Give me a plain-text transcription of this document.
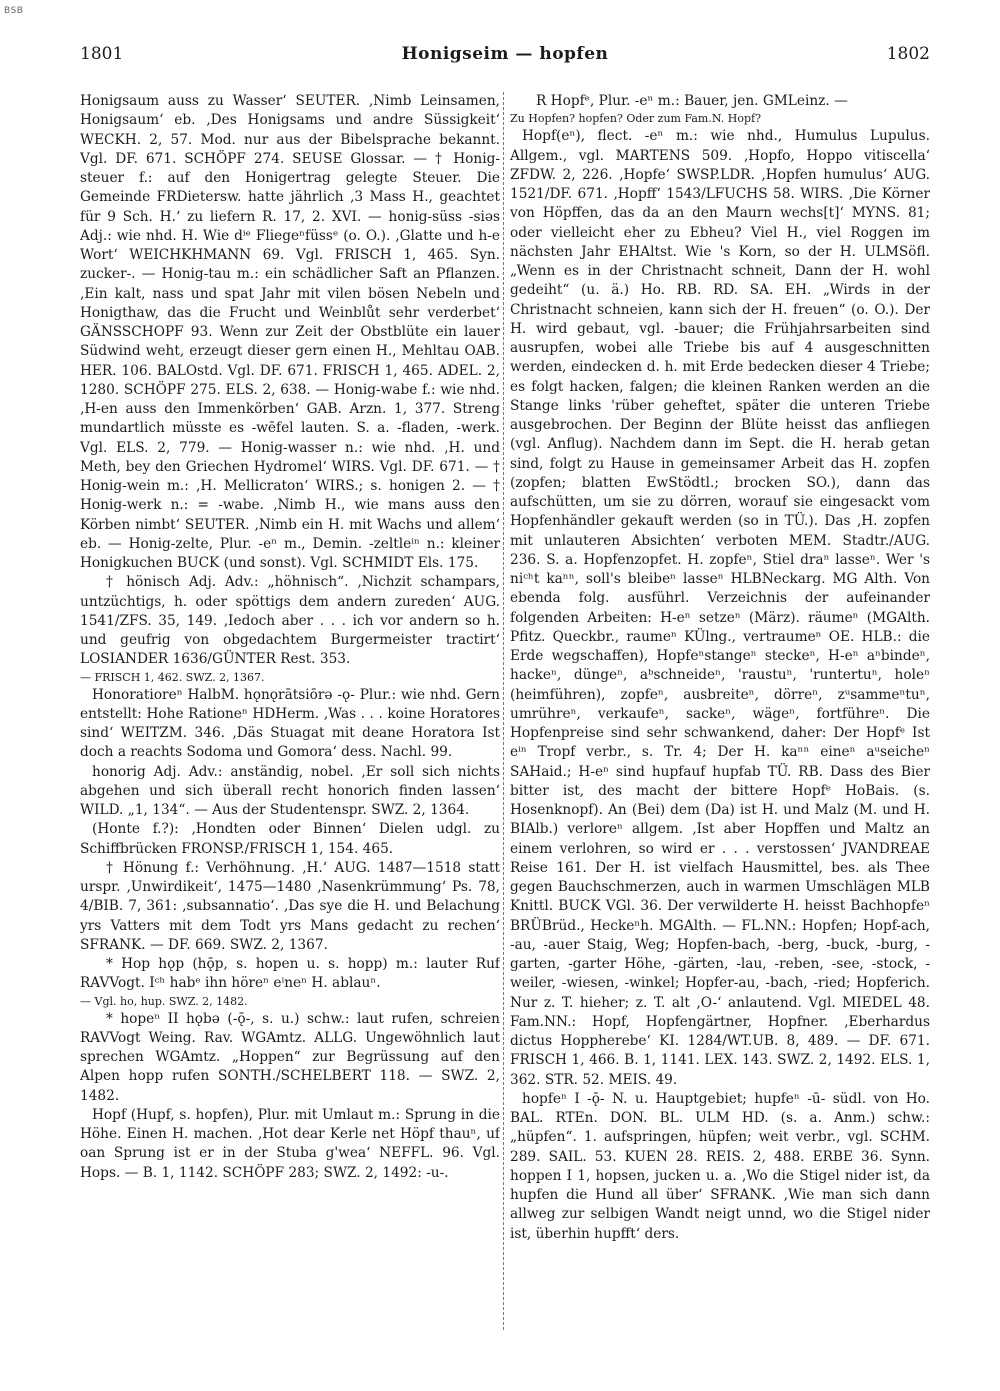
BSB
1801	Honigseim — hopfen	1802

Honigsaum auss zu Wasser‘ SEUTER. ‚Nimb Leinsamen, Honigsaum‘ eb. ‚Des Honigsams und andre Süssigkeit‘ WECKH. 2, 57. Mod. nur aus der Bibelsprache bekannt. Vgl. DF. 671. SCHÖPF 274. SEUSE Glossar. — † Honig-steuer f.: auf den Honigertrag gelegte Steuer. Die Gemeinde FRDietersw. hatte jährlich ‚3 Mass H., geachtet für 9 Sch. H.‘ zu liefern R. 17, 2. XVI. — honig-süss -siəs Adj.: wie nhd. H. Wie dⁱᵉ Fliegeⁿfüssᵉ (o. O.). ‚Glatte und h-e Wort‘ WEICHKHMANN 69. Vgl. FRISCH 1, 465. Syn. zucker-. — Honig-tau m.: ein schädlicher Saft an Pflanzen. ‚Ein kalt, nass und spat Jahr mit vilen bösen Nebeln und Honigthaw, das die Frucht und Weinblůt sehr verderbet‘ GÄNSSCHOPF 93. Wenn zur Zeit der Obstblüte ein lauer Südwind weht, erzeugt dieser gern einen H., Mehltau OAB. HER. 106. BALOstd. Vgl. DF. 671. FRISCH 1, 465. ADEL. 2, 1280. SCHÖPF 275. ELS. 2, 638. — Honig-wabe f.: wie nhd. ‚H-en auss den Immenkörben‘ GAB. Arzn. 1, 377. Streng mundartlich müsste es -wēfel lauten. S. a. -fladen, -werk. Vgl. ELS. 2, 779. — Honig-wasser n.: wie nhd. ‚H. und Meth, bey den Griechen Hydromel‘ WIRS. Vgl. DF. 671. — † Honig-wein m.: ‚H. Mellicraton‘ WIRS.; s. honigen 2. — † Honig-werk n.: = -wabe. ‚Nimb H., wie mans auss den Körben nimbt‘ SEUTER. ‚Nimb ein H. mit Wachs und allem‘ eb. — Honig-zelte, Plur. -eⁿ m., Demin. -zeltleⁱⁿ n.: kleiner Honigkuchen BUCK (und sonst). Vgl. SCHMIDT Els. 175.

† hönisch Adj. Adv.: „höhnisch“. ‚Nichzit schampars, untzüchtigs, h. oder spöttigs dem andern zureden‘ AUG. 1541/ZFS. 35, 149. ‚Iedoch aber . . . ich vor andern so h. und geufrig von obgedachtem Burgermeister tractirt‘ LOSIANDER 1636/GÜNTER Rest. 353.

— FRISCH 1, 462. SWZ. 2, 1367.

Honoratioreⁿ HalbM. hǫnǫrātsiōrə -ǫ- Plur.: wie nhd. Gern entstellt: Hohe Rationeⁿ HDHerm. ‚Was . . . koine Horatores sind‘ WEITZM. 346. ‚Däs Stuagat mit deane Horatora Ist doch a reachts Sodoma und Gomora‘ dess. Nachl. 99.

honorig Adj. Adv.: anständig, nobel. ‚Er soll sich nichts abgehen und sich überall recht honorich finden lassen‘ WILD. „1, 134“. — Aus der Studentenspr. SWZ. 2, 1364.

(Honte f.?): ‚Hondten oder Binnen‘ Dielen udgl. zu Schiffbrücken FRONSP./FRISCH 1, 154. 465.

† Hönung f.: Verhöhnung. ‚H.‘ AUG. 1487—1518 statt urspr. ‚Unwirdikeit‘, 1475—1480 ‚Nasenkrümmung‘ Ps. 78, 4/BIB. 7, 361: ‚subsannatio‘. ‚Das sye die H. und Belachung yrs Vatters mit dem Todt yrs Mans gedacht zu rechen‘ SFRANK. — DF. 669. SWZ. 2, 1367.

* Hop hǫp (hǭp, s. hopen u. s. hopp) m.: lauter Ruf RAVVogt. Iᶜʰ habᵉ ihn höreⁿ eⁱneⁿ H. ablauⁿ.

— Vgl. ho, hup. SWZ. 2, 1482.

* hopeⁿ II hǫbə (-ǭ-, s. u.) schw.: laut rufen, schreien RAVVogt Weing. Rav. WGAmtz. ALLG. Ungewöhnlich laut sprechen WGAmtz. „Hoppen“ zur Begrüssung auf den Alpen hopp rufen SONTH./SCHELBERT 118. — SWZ. 2, 1482.

Hopf (Hupf, s. hopfen), Plur. mit Umlaut m.: Sprung in die Höhe. Einen H. machen. ‚Hot dear Kerle net Höpf thauⁿ, uf oan Sprung ist er in der Stuba g'wea‘ NEFFL. 96. Vgl. Hops. — B. 1, 1142. SCHÖPF 283; SWZ. 2, 1492: -u-.

R Hopfᵉ, Plur. -eⁿ m.: Bauer, jen. GMLeinz. —

Zu Hopfen? hopfen? Oder zum Fam.N. Hopf?

Hopf(eⁿ), flect. -eⁿ m.: wie nhd., Humulus Lupulus. Allgem., vgl. MARTENS 509. ‚Hopfo, Hoppo vitiscella‘ ZFDW. 2, 226. ‚Hopfe‘ SWSP.LDR. ‚Hopfen humulus‘ AUG. 1521/DF. 671. ‚Hopff‘ 1543/LFUCHS 58. WIRS. ‚Die Körner von Höpffen, das da an den Maurn wechs[t]‘ MYNS. 81; oder vielleicht eher zu Ebheu? Viel H., viel Roggen im nächsten Jahr EHAltst. Wie 's Korn, so der H. ULMSöfl. „Wenn es in der Christnacht schneit, Dann der H. wohl gedeiht“ (u. ä.) Ho. RB. RD. SA. EH. „Wirds in der Christnacht schneien, kann sich der H. freuen“ (o. O.). Der H. wird gebaut, vgl. -bauer; die Frühjahrsarbeiten sind ausrupfen, wobei alle Triebe bis auf 4 ausgeschnitten werden, eindecken d. h. mit Erde bedecken dieser 4 Triebe; es folgt hacken, falgen; die kleinen Ranken werden an die Stange links 'rüber geheftet, später die unteren Triebe ausgebrochen. Der Beginn der Blüte heisst das anfliegen (vgl. Anflug). Nachdem dann im Sept. die H. herab getan sind, folgt zu Hause in gemeinsamer Arbeit das H. zopfen (zopfen; blatten EwStödtl.; brocken SO.), dann das aufschütten, um sie zu dörren, worauf sie eingesackt vom Hopfenhändler gekauft werden (so in TÜ.). Das ‚H. zopfen mit unlauteren Absichten‘ verboten MEM. Stadtr./AUG. 236. S. a. Hopfenzopfet. H. zopfeⁿ, Stiel draⁿ lasseⁿ. Wer 's niᶜʰt kaⁿⁿ, soll's bleibeⁿ lasseⁿ HLBNeckarg. MG Alth. Von ebenda folg. ausführl. Verzeichnis der aufeinander folgenden Arbeiten: H-eⁿ setzeⁿ (März). räumeⁿ (MGAlth. Pfitz. Queckbr., raumeⁿ KÜlng., vertraumeⁿ OE. HLB.: die Erde wegschaffen), Hopfeⁿstangeⁿ steckeⁿ, H-eⁿ aⁿbindeⁿ, hackeⁿ, düngeⁿ, aᵇschneideⁿ, 'raustuⁿ, 'runtertuⁿ, holeⁿ (heimführen), zopfeⁿ, ausbreiteⁿ, dörreⁿ, zᵘsammeⁿtuⁿ, umrühreⁿ, verkaufeⁿ, sackeⁿ, wägeⁿ, fortführeⁿ. Die Hopfenpreise sind sehr schwankend, daher: Der Hopfᵉ Ist eⁱⁿ Tropf verbr., s. Tr. 4; Der H. kaⁿⁿ eineⁿ aᵘseicheⁿ SAHaid.; H-eⁿ sind hupfauf hupfab TÜ. RB. Dass des Bier bitter ist, des macht der bittere Hopfᵉ HoBais. (s. Hosenknopf). An (Bei) dem (Da) ist H. und Malz (M. und H. BIAlb.) verloreⁿ allgem. ‚Ist aber Hopffen und Maltz an einem verlohren, so wird er . . . verstossen‘ JVANDREAE Reise 161. Der H. ist vielfach Hausmittel, bes. als Thee gegen Bauchschmerzen, auch in warmen Umschlägen MLB Knittl. BUCK VGl. 36. Der verwilderte H. heisst Bachhopfeⁿ BRÜBrüd., Heckeⁿh. MGAlth. — FL.NN.: Hopfen; Hopf-ach, -au, -auer Staig, Weg; Hopfen-bach, -berg, -buck, -burg, -garten, -garter Höhe, -gärten, -lau, -reben, -see, -stock, -weiler, -wiesen, -winkel; Hopfer-au, -bach, -ried; Hopferich. Nur z. T. hieher; z. T. alt ‚O-‘ anlautend. Vgl. MIEDEL 48. Fam.NN.: Hopf, Hopfengärtner, Hopfner. ‚Eberhardus dictus Hoppherebe‘ KI. 1284/WT.UB. 8, 489. — DF. 671. FRISCH 1, 466. B. 1, 1141. LEX. 143. SWZ. 2, 1492. ELS. 1, 362. STR. 52. MEIS. 49.

hopfeⁿ I -ǭ- N. u. Hauptgebiet; hupfeⁿ -ū- südl. von Ho. BAL. RTEn. DON. BL. ULM HD. (s. a. Anm.) schw.: „hüpfen“. 1. aufspringen, hüpfen; weit verbr., vgl. SCHM. 289. SAIL. 53. KUEN 28. REIS. 2, 488. ERBE 36. Synn. hoppen I 1, hopsen, jucken u. a. ‚Wo die Stigel nider ist, da hupfen die Hund all über‘ SFRANK. ‚Wie man sich dann allweg zur selbigen Wandt neigt unnd, wo die Stigel nider ist, überhin hupfft‘ ders.
